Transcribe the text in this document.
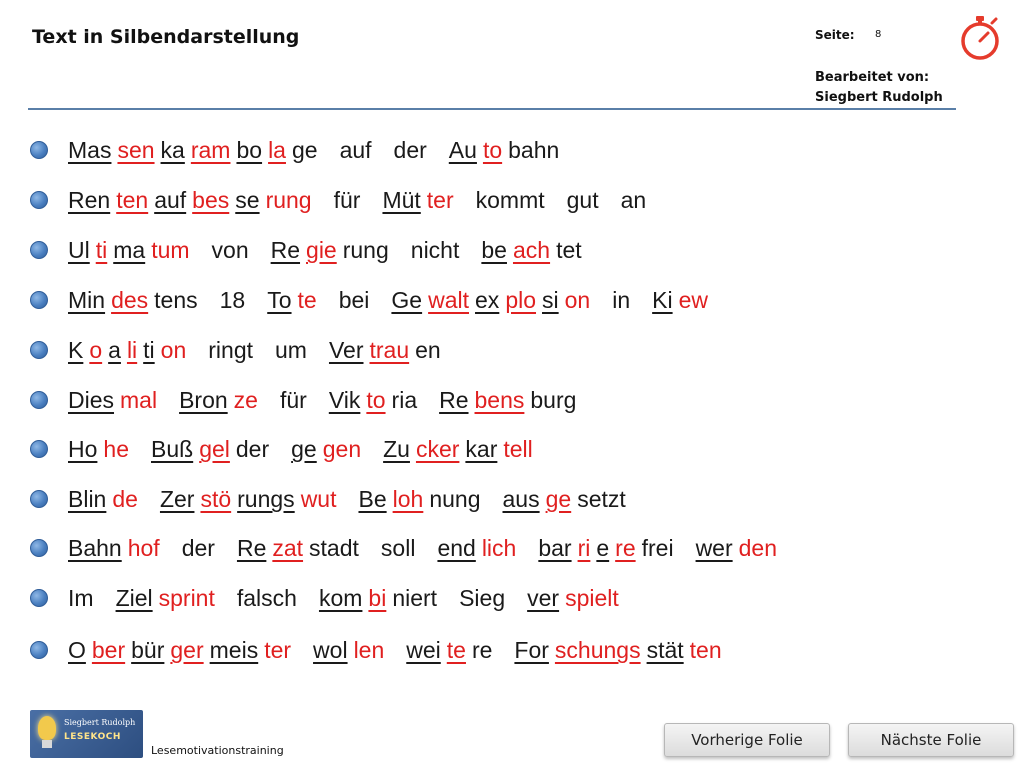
Text in Silbendarstellung	Seite: 8
Bearbeitet von:
Siegbert Rudolph
Mas sen ka ram bo la ge auf der Au to bahn
Ren ten auf bes se rung für Müt ter kommt gut an
Ul ti ma tum von Re gie rung nicht be ach tet
Min des tens 18 To te bei Ge walt ex plo si on in Ki ew
K o a li ti on ringt um Ver trau en
Dies mal Bron ze für Vik to ria Re bens burg
Ho he Buß gel der ge gen Zu cker kar tell
Blin de Zer stö rungs wut Be loh nung aus ge setzt
Bahn hof der Re zat stadt soll end lich bar ri e re frei wer den
Im Ziel sprint falsch kom bi niert Sieg ver spielt
O ber bür ger meis ter wol len wei te re For schungs stät ten
Siegbert Rudolph
LESEKOCH
Lesemotivationstraining
Vorherige Folie	Nächste Folie
